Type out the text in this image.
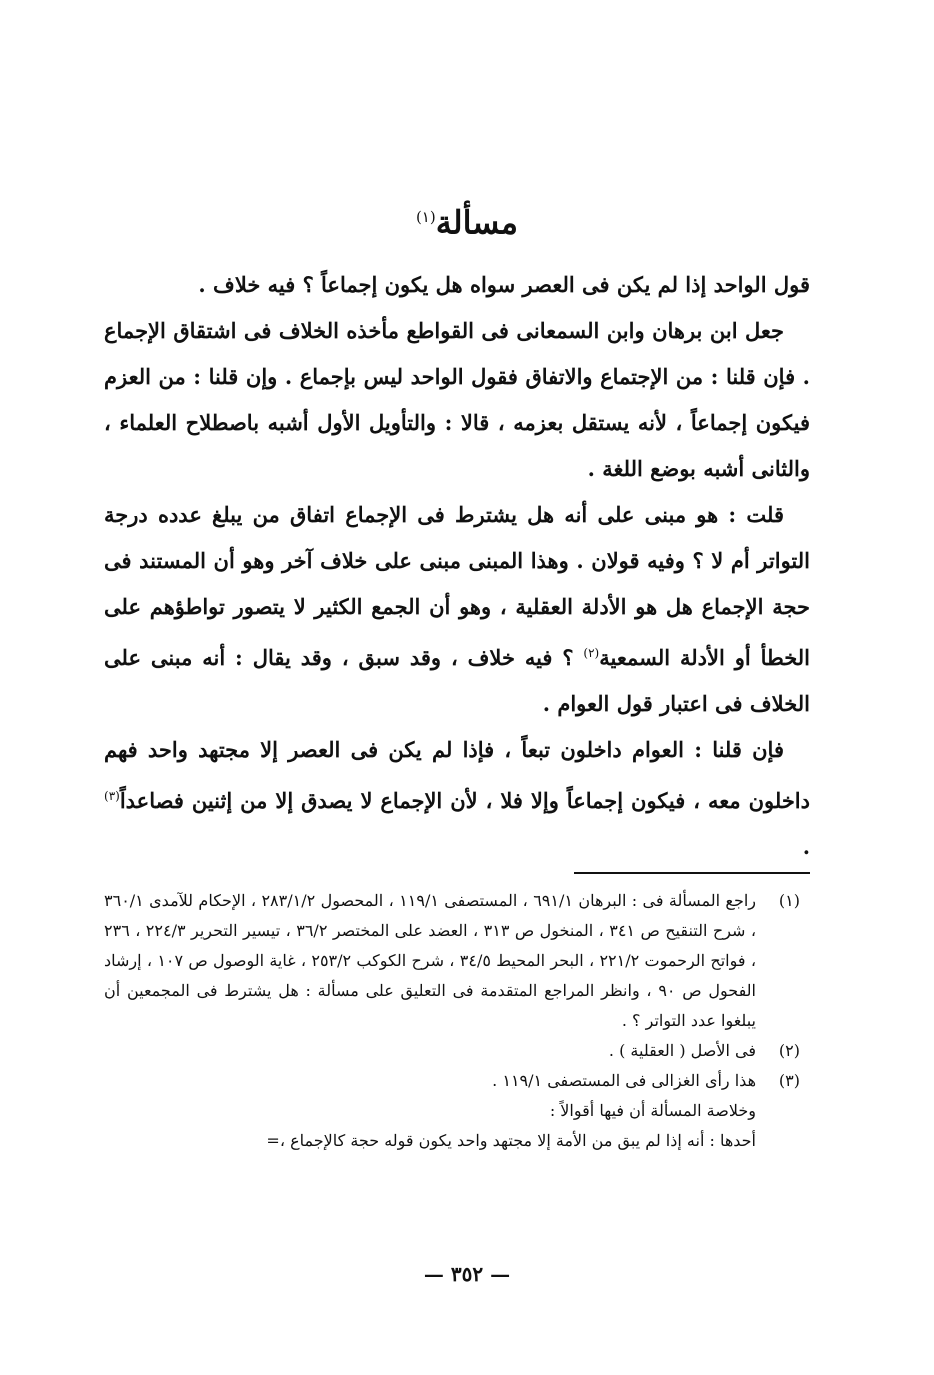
مسألة$^{(١)}$

قول الواحد إذا لم يكن فى العصر سواه هل يكون إجماعاً ؟ فيه خلاف .

جعل ابن برهان وابن السمعانى فى القواطع مأخذه الخلاف فى اشتقاق الإجماع . فإن قلنا : من الإجتماع والاتفاق فقول الواحد ليس بإجماع . وإن قلنا : من العزم فيكون إجماعاً ، لأنه يستقل بعزمه ، قالا : والتأويل الأول أشبه باصطلاح العلماء ، والثانى أشبه بوضع اللغة .

قلت : هو مبنى على أنه هل يشترط فى الإجماع اتفاق من يبلغ عدده درجة التواتر أم لا ؟ وفيه قولان . وهذا المبنى مبنى على خلاف آخر وهو أن المستند فى حجة الإجماع هل هو الأدلة العقلية ، وهو أن الجمع الكثير لا يتصور تواطؤهم على الخطأ أو الأدلة السمعية$^{(٢)}$ ؟ فيه خلاف ، وقد سبق ، وقد يقال : أنه مبنى على الخلاف فى اعتبار قول العوام .

فإن قلنا : العوام داخلون تبعاً ، فإذا لم يكن فى العصر إلا مجتهد واحد فهم داخلون معه ، فيكون إجماعاً وإلا فلا ، لأن الإجماع لا يصدق إلا من إثنين فصاعداً$^{(٣)}$ .

(١)
راجع المسألة فى : البرهان ٦٩١/١ ، المستصفى ١١٩/١ ، المحصول ٢٨٣/١/٢ ، الإحكام للآمدى ٣٦٠/١ ، شرح التنقيح ص ٣٤١ ، المنخول ص ٣١٣ ، العضد على المختصر ٣٦/٢ ، تيسير التحرير ٢٢٤/٣ ، ٢٣٦ ، فواتح الرحموت ٢٢١/٢ ، البحر المحيط ٣٤/٥ ، شرح الكوكب ٢٥٣/٢ ، غاية الوصول ص ١٠٧ ، إرشاد الفحول ص ٩٠ ، وانظر المراجع المتقدمة فى التعليق على مسألة : هل يشترط فى المجمعين أن يبلغوا عدد التواتر ؟ .
(٢)
فى الأصل ( العقلية ) .
(٣)
هذا رأى الغزالى فى المستصفى ١١٩/١ .
وخلاصة المسألة أن فيها أقوالاً :
أحدها : أنه إذا لم يبق من الأمة إلا مجتهد واحد يكون قوله حجة كالإجماع ،=
— ٣٥٢ —
